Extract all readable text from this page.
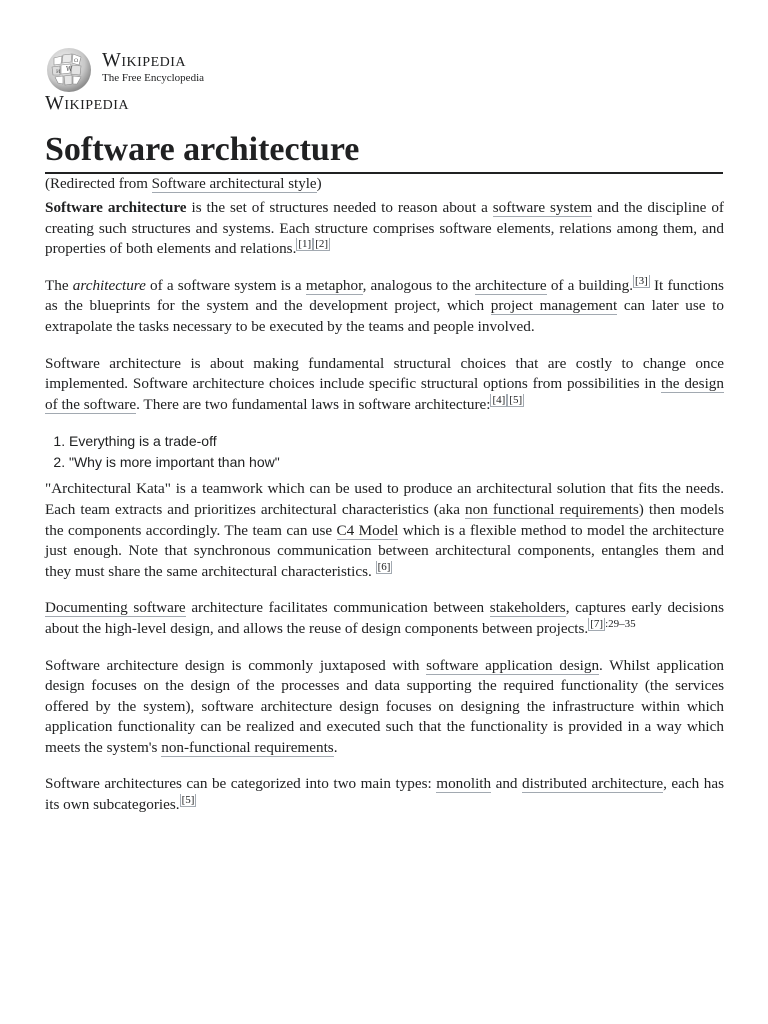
W
Ω
И
Wikipedia
The Free Encyclopedia
Wikipedia
Software architecture
(Redirected from Software architectural style)

Software architecture is the set of structures needed to reason about a software system and the discipline of creating such structures and systems. Each structure comprises software elements, relations among them, and properties of both elements and relations. [1] [2]

The architecture of a software system is a metaphor, analogous to the architecture of a building. [3] It functions as the blueprints for the system and the development project, which project management can later use to extrapolate the tasks necessary to be executed by the teams and people involved.

Software architecture is about making fundamental structural choices that are costly to change once implemented. Software architecture choices include specific structural options from possibilities in the design of the software. There are two fundamental laws in software architecture: [4] [5]

1. Everything is a trade-off
2. "Why is more important than how"

"Architectural Kata" is a teamwork which can be used to produce an architectural solution that fits the needs. Each team extracts and prioritizes architectural characteristics (aka non functional requirements) then models the components accordingly. The team can use C4 Model which is a flexible method to model the architecture just enough. Note that synchronous communication between architectural components, entangles them and they must share the same architectural characteristics. [6]

Documenting software architecture facilitates communication between stakeholders, captures early decisions about the high-level design, and allows the reuse of design components between projects. [7] $^{:29-35}$

Software architecture design is commonly juxtaposed with software application design. Whilst application design focuses on the design of the processes and data supporting the required functionality (the services offered by the system), software architecture design focuses on designing the infrastructure within which application functionality can be realized and executed such that the functionality is provided in a way which meets the system's non-functional requirements.

Software architectures can be categorized into two main types: monolith and distributed architecture, each has its own subcategories. [5]
